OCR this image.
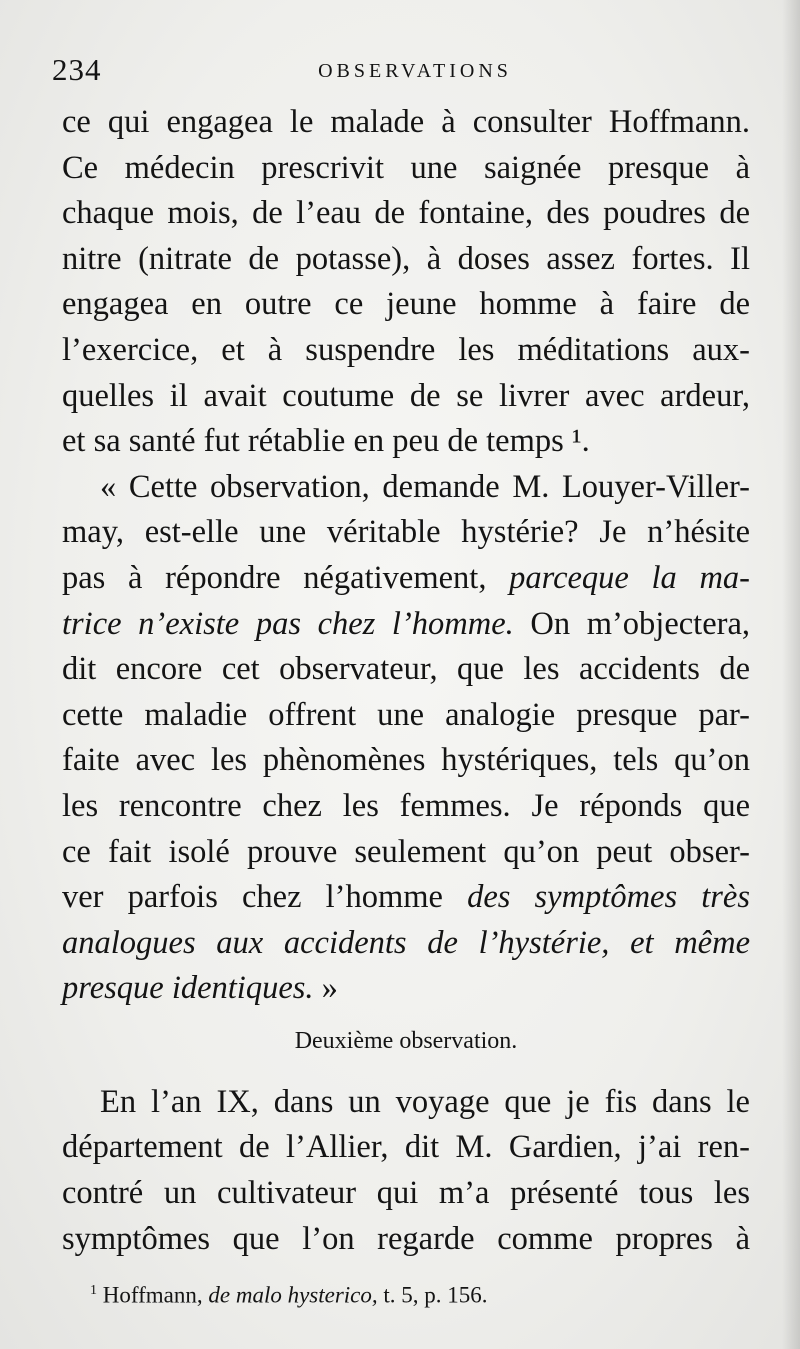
234	OBSERVATIONS
ce qui engagea le malade à consulter Hoffmann.
Ce médecin prescrivit une saignée presque à
chaque mois, de l’eau de fontaine, des poudres de
nitre (nitrate de potasse), à doses assez fortes. Il
engagea en outre ce jeune homme à faire de
l’exercice, et à suspendre les méditations aux-
quelles il avait coutume de se livrer avec ardeur,
et sa santé fut rétablie en peu de temps ¹.
« Cette observation, demande M. Louyer-Viller-
may, est-elle une véritable hystérie? Je n’hésite
pas à répondre négativement, parceque la ma-
trice n’existe pas chez l’homme. On m’objectera,
dit encore cet observateur, que les accidents de
cette maladie offrent une analogie presque par-
faite avec les phènomènes hystériques, tels qu’on
les rencontre chez les femmes. Je réponds que
ce fait isolé prouve seulement qu’on peut obser-
ver parfois chez l’homme des symptômes très
analogues aux accidents de l’hystérie, et même
presque identiques. »
Deuxième observation.
En l’an IX, dans un voyage que je fis dans le
département de l’Allier, dit M. Gardien, j’ai ren-
contré un cultivateur qui m’a présenté tous les
symptômes que l’on regarde comme propres à
$^1$ Hoffmann, de malo hysterico, t. 5, p. 156.
